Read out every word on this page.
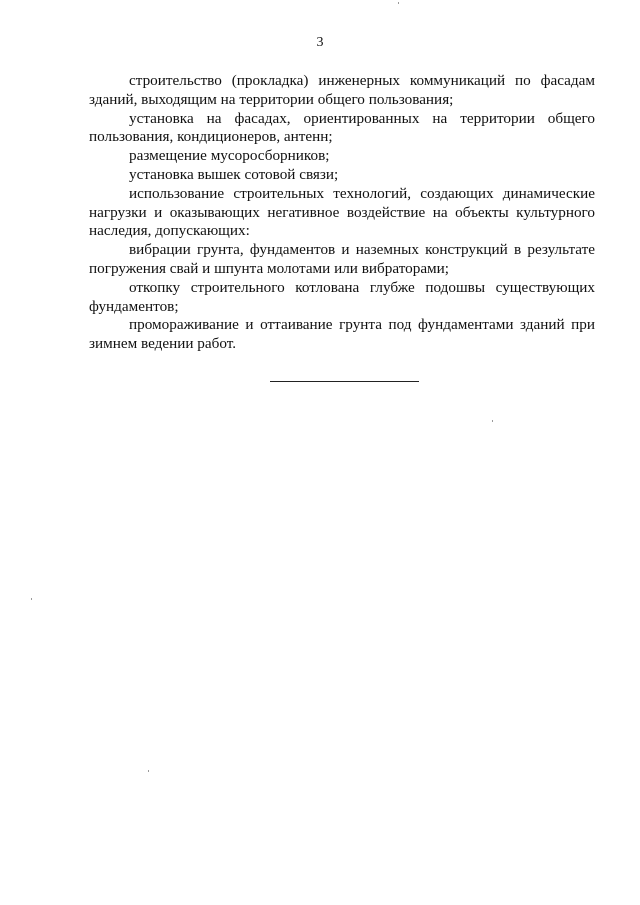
3

строительство (прокладка) инженерных коммуникаций по фасадам зданий, выходящим на территории общего пользования;

установка на фасадах, ориентированных на территории общего пользования, кондиционеров, антенн;

размещение мусоросборников;

установка вышек сотовой связи;

использование строительных технологий, создающих динамические нагрузки и оказывающих негативное воздействие на объекты культурного наследия, допускающих:

вибрации грунта, фундаментов и наземных конструкций в результате погружения свай и шпунта молотами или вибраторами;

откопку строительного котлована глубже подошвы существующих фундаментов;

промораживание и оттаивание грунта под фундаментами зданий при зимнем ведении работ.
